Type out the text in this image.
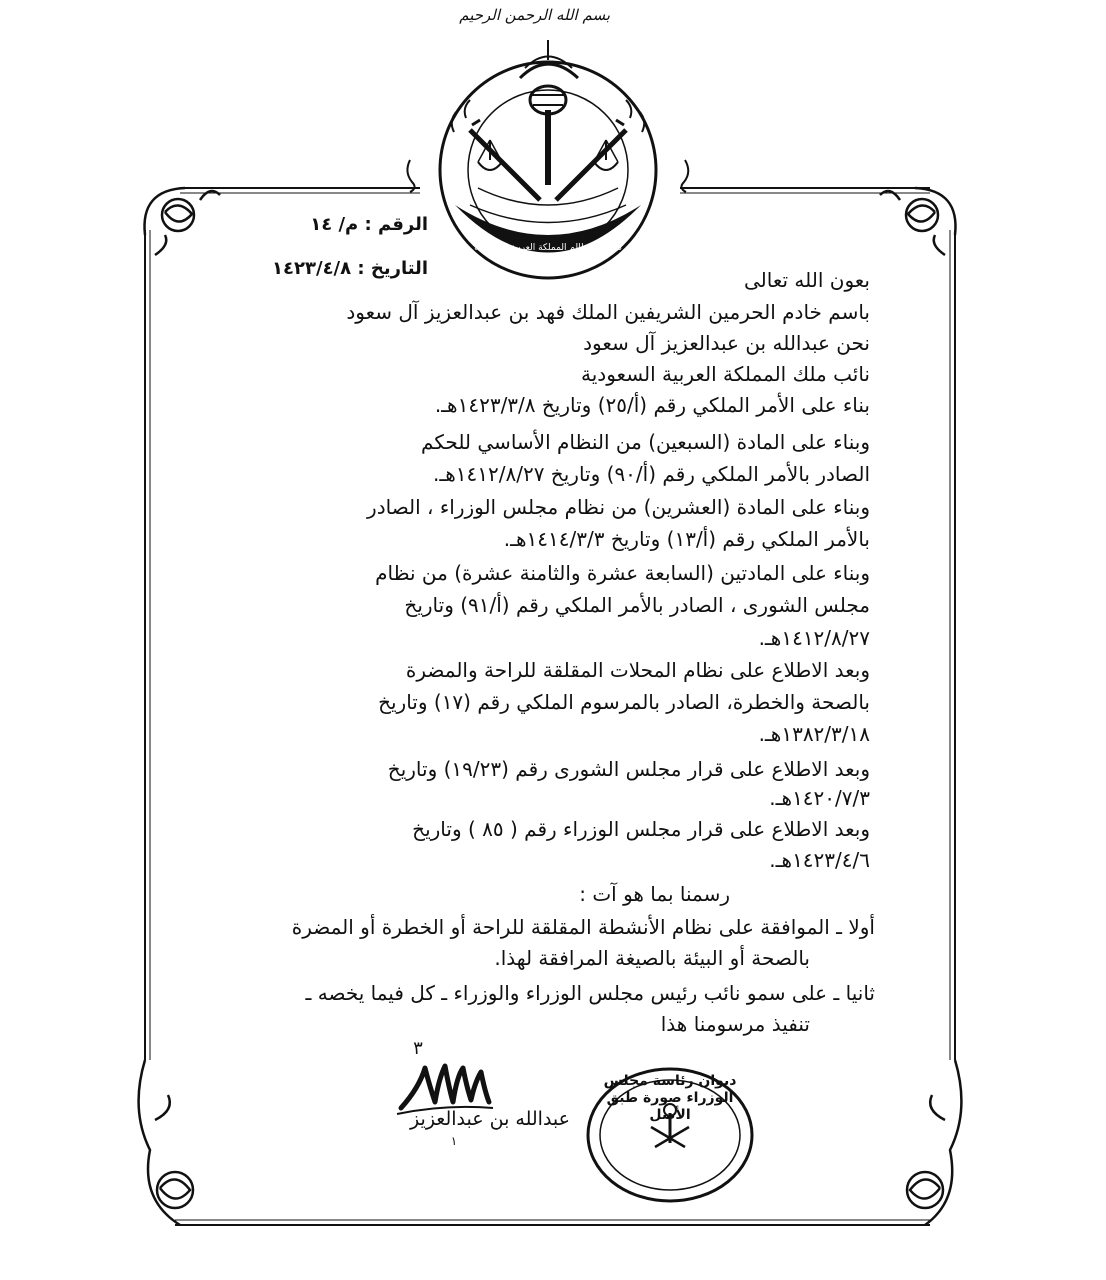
بسم الله الرحمن الرحيم
ديوان المظالم المملكة العربية السعودية
الرقم : م/ ١٤
التاريخ : ١٤٢٣/٤/٨	بعون الله تعالى
باسم خادم الحرمين الشريفين الملك فهد بن عبدالعزيز آل سعود
نحن عبدالله بن عبدالعزيز آل سعود
نائب ملك المملكة العربية السعودية
بناء على الأمر الملكي رقم (أ/٢٥) وتاريخ ١٤٢٣/٣/٨هـ.
وبناء على المادة (السبعين) من النظام الأساسي للحكم
الصادر بالأمر الملكي رقم (أ/٩٠) وتاريخ ١٤١٢/٨/٢٧هـ.
وبناء على المادة (العشرين) من نظام مجلس الوزراء ، الصادر
بالأمر الملكي رقم (أ/١٣) وتاريخ ١٤١٤/٣/٣هـ.
وبناء على المادتين (السابعة عشرة والثامنة عشرة) من نظام
مجلس الشورى ، الصادر بالأمر الملكي رقم (أ/٩١) وتاريخ
١٤١٢/٨/٢٧هـ.
وبعد الاطلاع على نظام المحلات المقلقة للراحة والمضرة
بالصحة والخطرة، الصادر بالمرسوم الملكي رقم (١٧) وتاريخ
١٣٨٢/٣/١٨هـ.
وبعد الاطلاع على قرار مجلس الشورى رقم (١٩/٢٣) وتاريخ
١٤٢٠/٧/٣هـ.
وبعد الاطلاع على قرار مجلس الوزراء رقم ( ٨٥ ) وتاريخ
١٤٢٣/٤/٦هـ.
رسمنا بما هو آت :
أولا ـ الموافقة على نظام الأنشطة المقلقة للراحة أو الخطرة أو المضرة
بالصحة أو البيئة بالصيغة المرافقة لهذا.
ثانيا ـ على سمو نائب رئيس مجلس الوزراء والوزراء ـ كل فيما يخصه ـ
تنفيذ مرسومنا هذا
٣
عبدالله بن عبدالعزيز
١
ديوان رئاسة مجلس الوزراء صورة طبق الأصل
